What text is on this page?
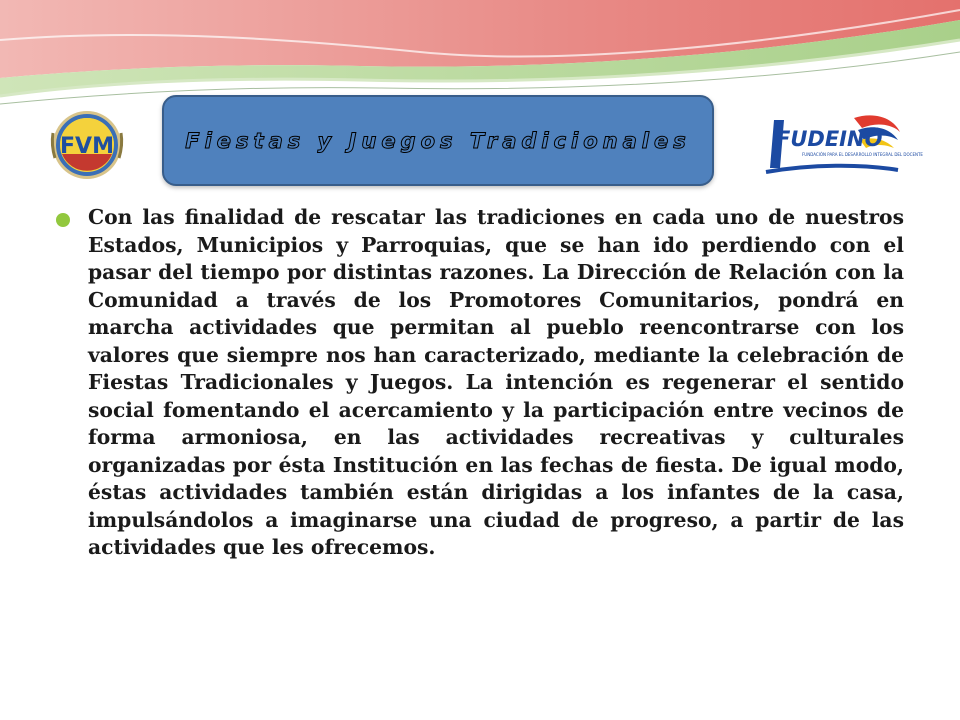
FVM	FUDEINO
FUNDACIÓN PARA EL DESARROLLO INTEGRAL DEL DOCENTE
Fiestas y Juegos Tradicionales

Con las finalidad de rescatar las tradiciones en cada uno de nuestros Estados, Municipios y Parroquias, que se han ido perdiendo con el pasar del tiempo por distintas razones. La Dirección de Relación con la Comunidad a través de los Promotores Comunitarios, pondrá en marcha actividades que permitan al pueblo reencontrarse con los valores que siempre nos han caracterizado, mediante la celebración de Fiestas Tradicionales y Juegos. La intención es regenerar el sentido social fomentando el acercamiento y la participación entre vecinos de forma armoniosa, en las actividades recreativas y culturales organizadas por ésta Institución en las fechas de fiesta. De igual modo, éstas actividades también están dirigidas a los infantes de la casa, impulsándolos a imaginarse una ciudad de progreso, a partir de las actividades que les ofrecemos.
